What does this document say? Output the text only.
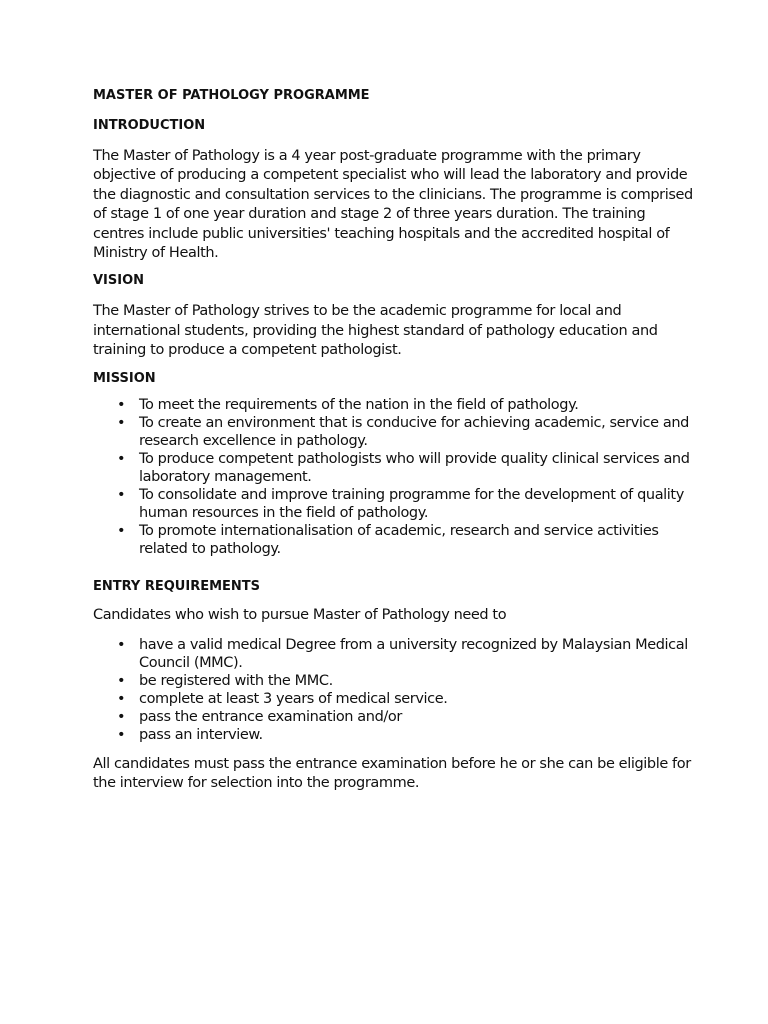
MASTER OF PATHOLOGY PROGRAMME
INTRODUCTION

The Master of Pathology is a 4 year post-graduate programme with the primary objective of producing a competent specialist who will lead the laboratory and provide the diagnostic and consultation services to the clinicians. The programme is comprised of stage 1 of one year duration and stage 2 of three years duration. The training centres include public universities' teaching hospitals and the accredited hospital of Ministry of Health.

VISION

The Master of Pathology strives to be the academic programme for local and international students, providing the highest standard of pathology education and training to produce a competent pathologist.

MISSION
• To meet the requirements of the nation in the field of pathology.
• To create an environment that is conducive for achieving academic, service and research excellence in pathology.
• To produce competent pathologists who will provide quality clinical services and laboratory management.
• To consolidate and improve training programme for the development of quality human resources in the field of pathology.
• To promote internationalisation of academic, research and service activities related to pathology.
ENTRY REQUIREMENTS

Candidates who wish to pursue Master of Pathology need to

• have a valid medical Degree from a university recognized by Malaysian Medical Council (MMC).
• be registered with the MMC.
• complete at least 3 years of medical service.
• pass the entrance examination and/or
• pass an interview.

All candidates must pass the entrance examination before he or she can be eligible for the interview for selection into the programme.
